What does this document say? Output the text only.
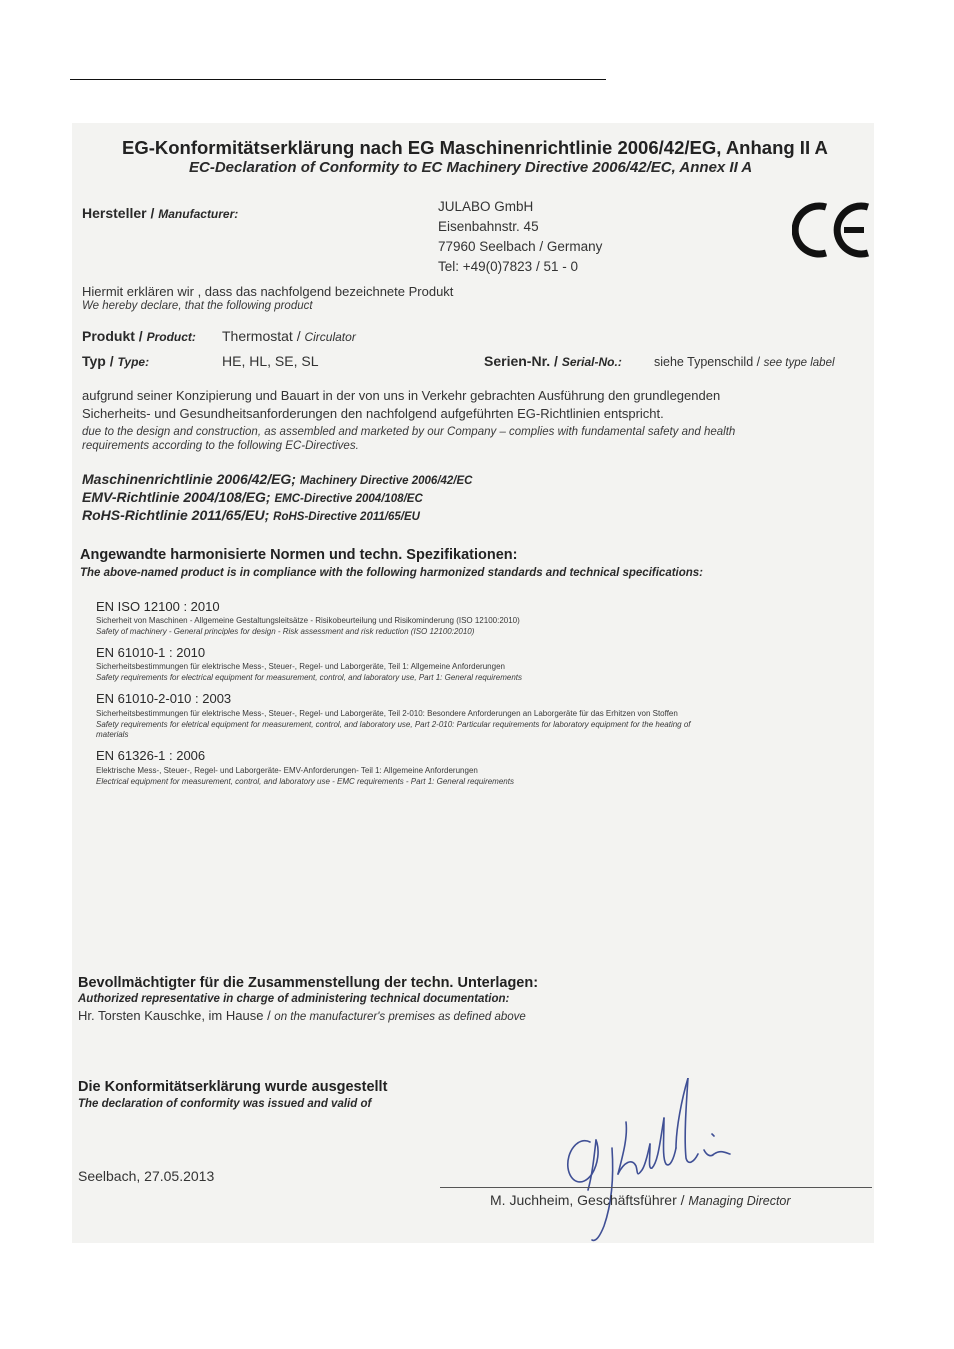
EG-Konformitätserklärung nach EG Maschinenrichtlinie 2006/42/EG, Anhang II A
EC-Declaration of Conformity to EC Machinery Directive 2006/42/EC, Annex II A
Hersteller / Manufacturer:	JULABO GmbH
Eisenbahnstr. 45
77960 Seelbach / Germany
Tel: +49(0)7823 / 51 - 0
Hiermit erklären wir , dass das nachfolgend bezeichnete Produkt
We hereby declare, that the following product
Produkt / Product: Thermostat / Circulator
Typ / Type:	HE, HL, SE, SL	Serien-Nr. / Serial-No.:	siehe Typenschild / see type label
aufgrund seiner Konzipierung und Bauart in der von uns in Verkehr gebrachten Ausführung den grundlegenden
Sicherheits- und Gesundheitsanforderungen den nachfolgend aufgeführten EG-Richtlinien entspricht.
due to the design and construction, as assembled and marketed by our Company – complies with fundamental safety and health
requirements according to the following EC-Directives.
Maschinenrichtlinie 2006/42/EG; Machinery Directive 2006/42/EC
EMV-Richtlinie 2004/108/EG; EMC-Directive 2004/108/EC
RoHS-Richtlinie 2011/65/EU; RoHS-Directive 2011/65/EU
Angewandte harmonisierte Normen und techn. Spezifikationen:
The above-named product is in compliance with the following harmonized standards and technical specifications:
EN ISO 12100 : 2010
Sicherheit von Maschinen - Allgemeine Gestaltungsleitsätze - Risikobeurteilung und Risikominderung (ISO 12100:2010)
Safety of machinery - General principles for design - Risk assessment and risk reduction (ISO 12100:2010)
EN 61010-1 : 2010
Sicherheitsbestimmungen für elektrische Mess-, Steuer-, Regel- und Laborgeräte, Teil 1: Allgemeine Anforderungen
Safety requirements for electrical equipment for measurement, control, and laboratory use, Part 1: General requirements
EN 61010-2-010 : 2003
Sicherheitsbestimmungen für elektrische Mess-, Steuer-, Regel- und Laborgeräte, Teil 2-010: Besondere Anforderungen an Laborgeräte für das Erhitzen von Stoffen
Safety requirements for eletrical equipment for measurement, control, and laboratory use, Part 2-010: Particular requirements for laboratory equipment for the heating of
materials
EN 61326-1 : 2006
Elektrische Mess-, Steuer-, Regel- und Laborgeräte- EMV-Anforderungen- Teil 1: Allgemeine Anforderungen
Electrical equipment for measurement, control, and laboratory use - EMC requirements - Part 1: General requirements
Bevollmächtigter für die Zusammenstellung der techn. Unterlagen:
Authorized representative in charge of administering technical documentation:
Hr. Torsten Kauschke, im Hause / on the manufacturer's premises as defined above
Die Konformitätserklärung wurde ausgestellt
The declaration of conformity was issued and valid of
Seelbach, 27.05.2013
M. Juchheim, Geschäftsführer / Managing Director
